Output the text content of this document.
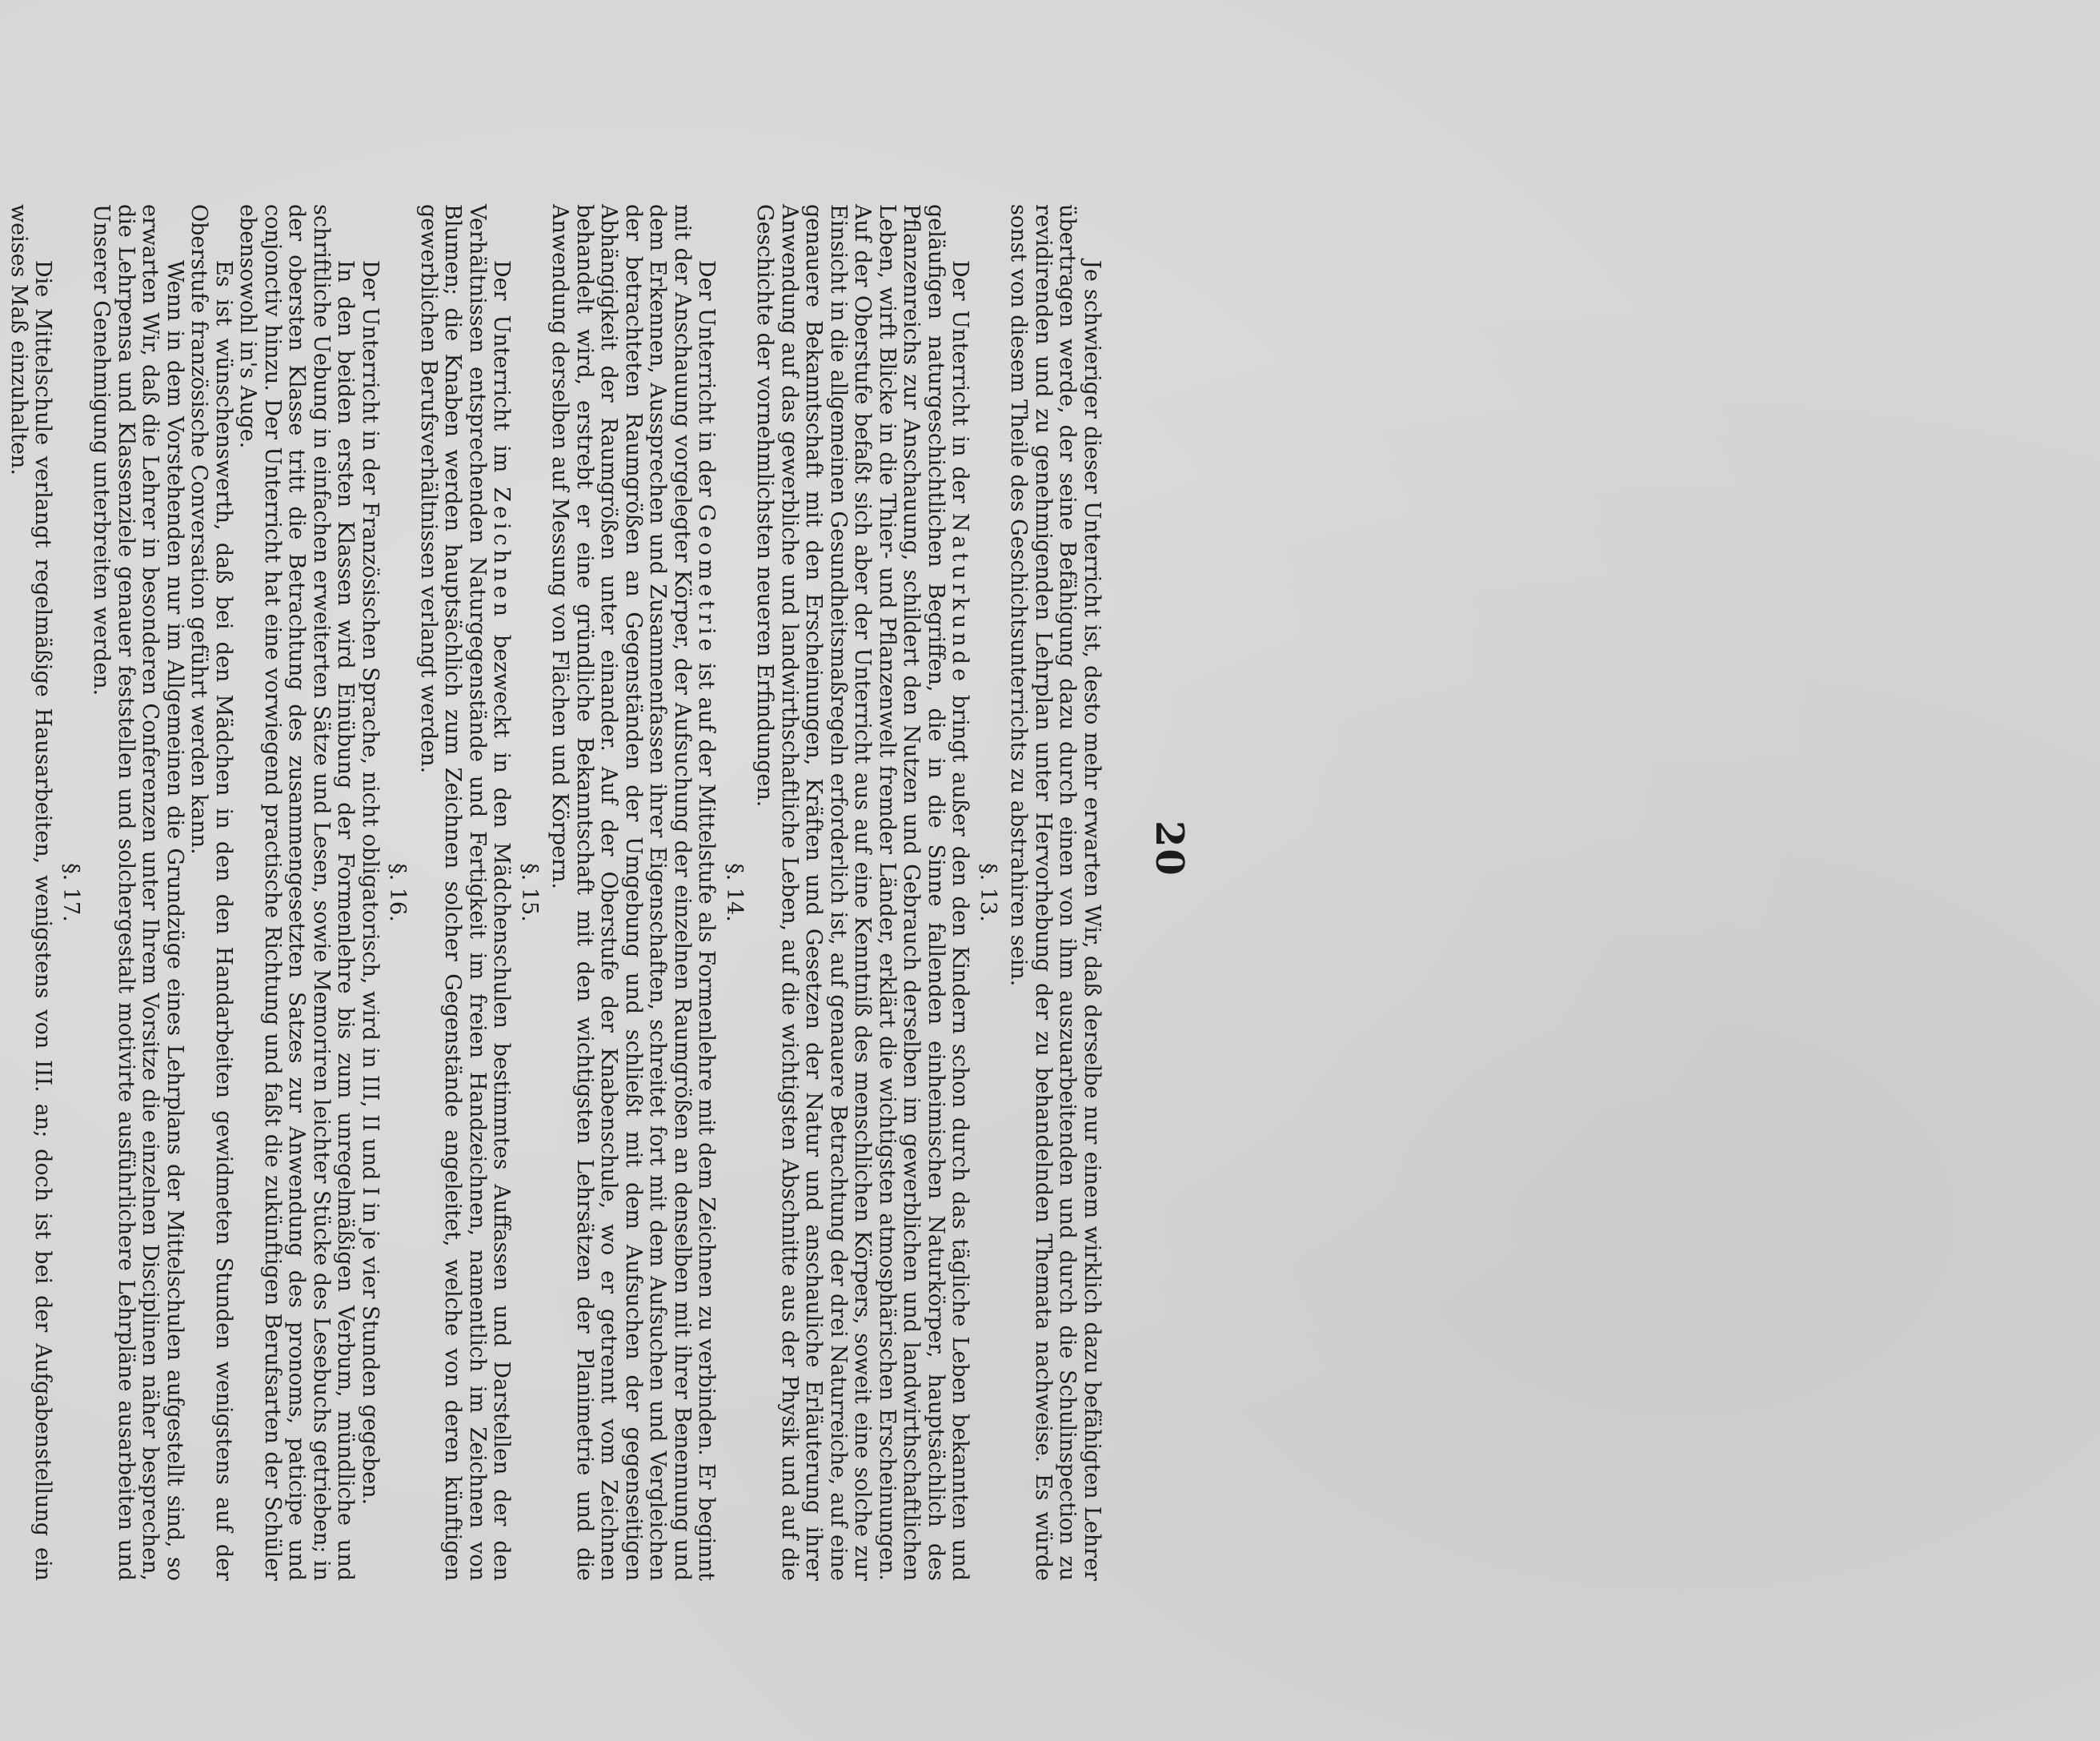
20

Je schwieriger dieser Unterricht ist, desto mehr erwarten Wir, daß derselbe nur einem wirklich dazu befähigten Lehrer übertragen werde, der seine Befähigung dazu durch einen von ihm auszuarbeitenden und durch die Schulinspection zu revidirenden und zu genehmigenden Lehrplan unter Hervorhebung der zu behandelnden Themata nachweise. Es würde sonst von diesem Theile des Geschichtsunterrichts zu abstrahiren sein.

§. 13.

Der Unterricht in der Naturkunde bringt außer den den Kindern schon durch das tägliche Leben bekannten und geläufigen naturgeschichtlichen Begriffen, die in die Sinne fallenden einheimischen Naturkörper, hauptsächlich des Pflanzenreichs zur Anschauung, schildert den Nutzen und Gebrauch derselben im gewerblichen und landwirthschaftlichen Leben, wirft Blicke in die Thier- und Pflanzenwelt fremder Länder, erklärt die wichtigsten atmosphärischen Erscheinungen. Auf der Oberstufe befaßt sich aber der Unterricht aus auf eine Kenntniß des menschlichen Körpers, soweit eine solche zur Einsicht in die allgemeinen Gesundheitsmaßregeln erforderlich ist, auf genauere Betrachtung der drei Naturreiche, auf eine genauere Bekanntschaft mit den Erscheinungen, Kräften und Gesetzen der Natur und anschauliche Erläuterung ihrer Anwendung auf das gewerbliche und landwirthschaftliche Leben, auf die wichtigsten Abschnitte aus der Physik und auf die Geschichte der vornehmlichsten neueren Erfindungen.

§. 14.

Der Unterricht in der Geometrie ist auf der Mittelstufe als Formenlehre mit dem Zeichnen zu verbinden. Er beginnt mit der Anschauung vorgelegter Körper, der Aufsuchung der einzelnen Raumgrößen an denselben mit ihrer Benennung und dem Erkennen, Aussprechen und Zusammenfassen ihrer Eigenschaften, schreitet fort mit dem Aufsuchen und Vergleichen der betrachteten Raumgrößen an Gegenständen der Umgebung und schließt mit dem Aufsuchen der gegenseitigen Abhängigkeit der Raumgrößen unter einander. Auf der Oberstufe der Knabenschule, wo er getrennt vom Zeichnen behandelt wird, erstrebt er eine gründliche Bekanntschaft mit den wichtigsten Lehrsätzen der Planimetrie und die Anwendung derselben auf Messung von Flächen und Körpern.

§. 15.

Der Unterricht im Zeichnen bezweckt in den Mädchenschulen bestimmtes Auffassen und Darstellen der den Verhältnissen entsprechenden Naturgegenstände und Fertigkeit im freien Handzeichnen, namentlich im Zeichnen von Blumen; die Knaben werden hauptsächlich zum Zeichnen solcher Gegenstände angeleitet, welche von deren künftigen gewerblichen Berufsverhältnissen verlangt werden.

§. 16.

Der Unterricht in der Französischen Sprache, nicht obligatorisch, wird in III, II und I in je vier Stunden gegeben.

In den beiden ersten Klassen wird Einübung der Formenlehre bis zum unregelmäßigen Verbum, mündliche und schriftliche Uebung in einfachen erweiterten Sätze und Lesen, sowie Memoriren leichter Stücke des Lesebuchs getrieben; in der obersten Klasse tritt die Betrachtung des zusammengesetzten Satzes zur Anwendung des pronoms, paticipe und conjonctiv hinzu. Der Unterricht hat eine vorwiegend practische Richtung und faßt die zukünftigen Berufsarten der Schüler ebensowohl in's Auge.

Es ist wünschenswerth, daß bei den Mädchen in den den Handarbeiten gewidmeten Stunden wenigstens auf der Oberstufe französische Conversation geführt werden kann.

Wenn in dem Vorstehenden nur im Allgemeinen die Grundzüge eines Lehrplans der Mittelschulen aufgestellt sind, so erwarten Wir, daß die Lehrer in besonderen Conferenzen unter Ihrem Vorsitze die einzelnen Disciplinen näher besprechen, die Lehrpensa und Klassenziele genauer feststellen und solchergestalt motivirte ausführlichere Lehrpläne ausarbeiten und Unserer Genehmigung unterbreiten werden.

§. 17.

Die Mittelschule verlangt regelmäßige Hausarbeiten, wenigstens von III. an; doch ist bei der Aufgabenstellung ein weises Maß einzuhalten.
